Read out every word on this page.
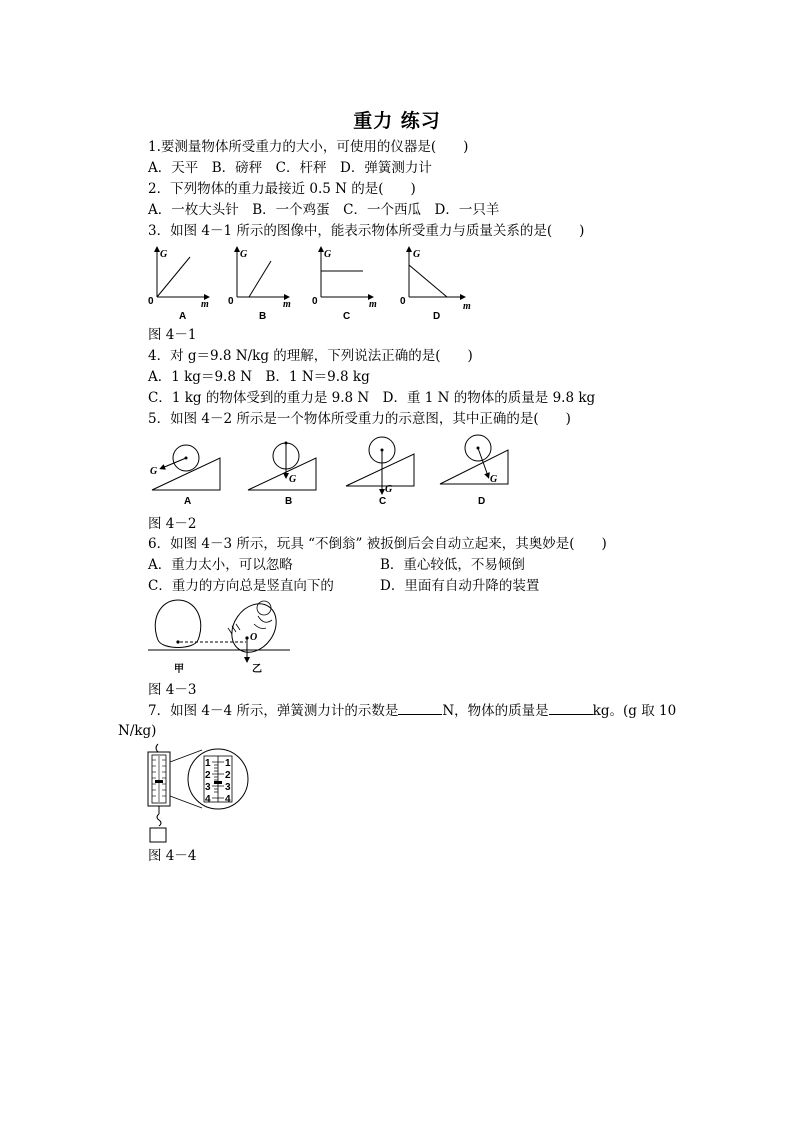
重力 练习
1.要测量物体所受重力的大小，可使用的仪器是(　　)
A．天平　B．磅秤　C．杆秤　D．弹簧测力计
2．下列物体的重力最接近 0.5 N 的是(　　)
A．一枚大头针　B．一个鸡蛋　C．一个西瓜　D．一只羊
3．如图 4－1 所示的图像中，能表示物体所受重力与质量关系的是(　　)
G
m
0
A
G
m
0
B
G
m
0
C
G
m
0
D
图 4－1
4．对 g＝9.8 N/kg 的理解，下列说法正确的是(　　)
A．1 kg＝9.8 N　B．1 N＝9.8 kg
C．1 kg 的物体受到的重力是 9.8 N　D．重 1 N 的物体的质量是 9.8 kg
5．如图 4－2 所示是一个物体所受重力的示意图，其中正确的是(　　)
G
A
G
B
G
C
G
D
图 4－2
6．如图 4－3 所示，玩具 “不倒翁” 被扳倒后会自动立起来，其奥妙是(　　)
A．重力太小，可以忽略	B．重心较低，不易倾倒
C．重力的方向总是竖直向下的	D．里面有自动升降的装置
O
甲	乙
图 4－3
7．如图 4－4 所示，弹簧测力计的示数是	N，物体的质量是	kg。(g 取 10
N/kg)
1
2
3
4
1
2
3
4
图 4－4
